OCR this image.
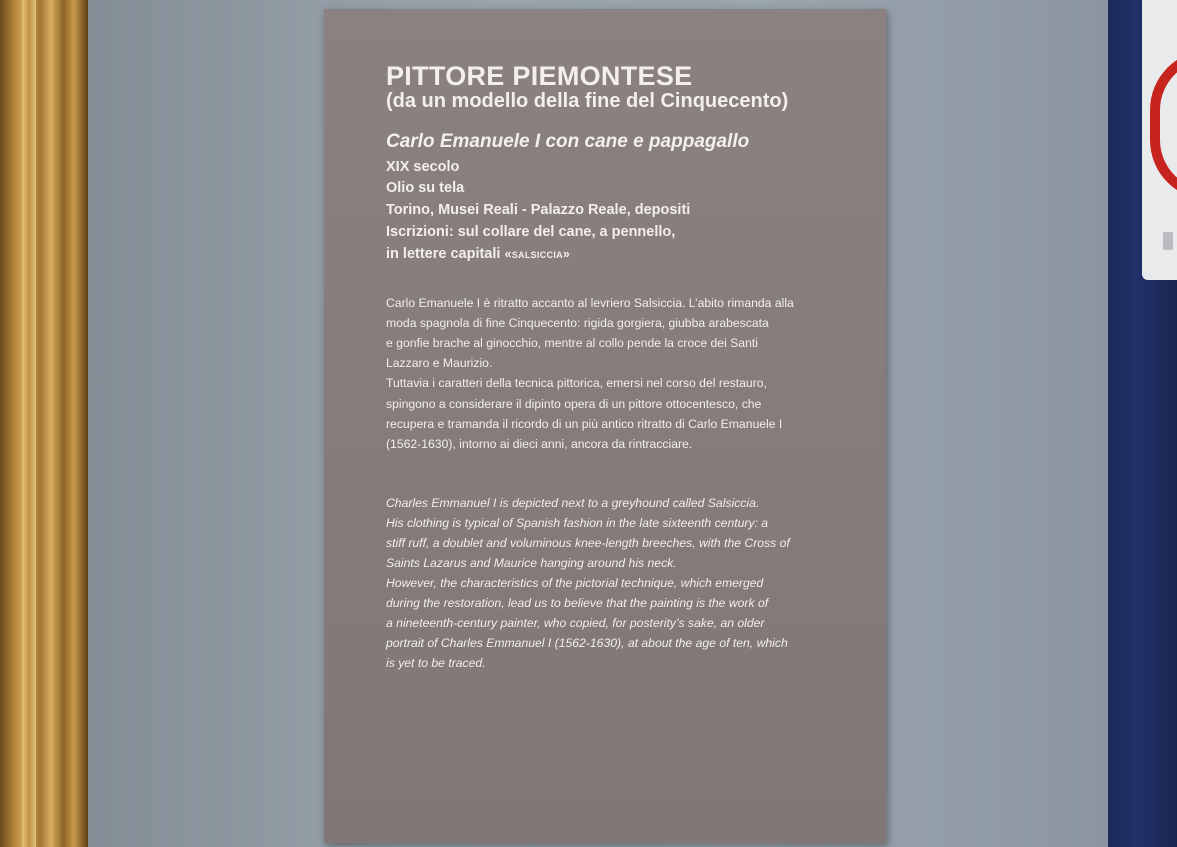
PITTORE PIEMONTESE
(da un modello della fine del Cinquecento)
Carlo Emanuele I con cane e pappagallo
XIX secolo
Olio su tela
Torino, Musei Reali - Palazzo Reale, depositi
Iscrizioni: sul collare del cane, a pennello,
in lettere capitali «salsiccia»
Carlo Emanuele I è ritratto accanto al levriero Salsiccia. L’abito rimanda alla
moda spagnola di fine Cinquecento: rigida gorgiera, giubba arabescata
e gonfie brache al ginocchio, mentre al collo pende la croce dei Santi
Lazzaro e Maurizio.
Tuttavia i caratteri della tecnica pittorica, emersi nel corso del restauro,
spingono a considerare il dipinto opera di un pittore ottocentesco, che
recupera e tramanda il ricordo di un più antico ritratto di Carlo Emanuele I
(1562-1630), intorno ai dieci anni, ancora da rintracciare.
Charles Emmanuel I is depicted next to a greyhound called Salsiccia.
His clothing is typical of Spanish fashion in the late sixteenth century: a
stiff ruff, a doublet and voluminous knee-length breeches, with the Cross of
Saints Lazarus and Maurice hanging around his neck.
However, the characteristics of the pictorial technique, which emerged
during the restoration, lead us to believe that the painting is the work of
a nineteenth-century painter, who copied, for posterity’s sake, an older
portrait of Charles Emmanuel I (1562-1630), at about the age of ten, which
is yet to be traced.
